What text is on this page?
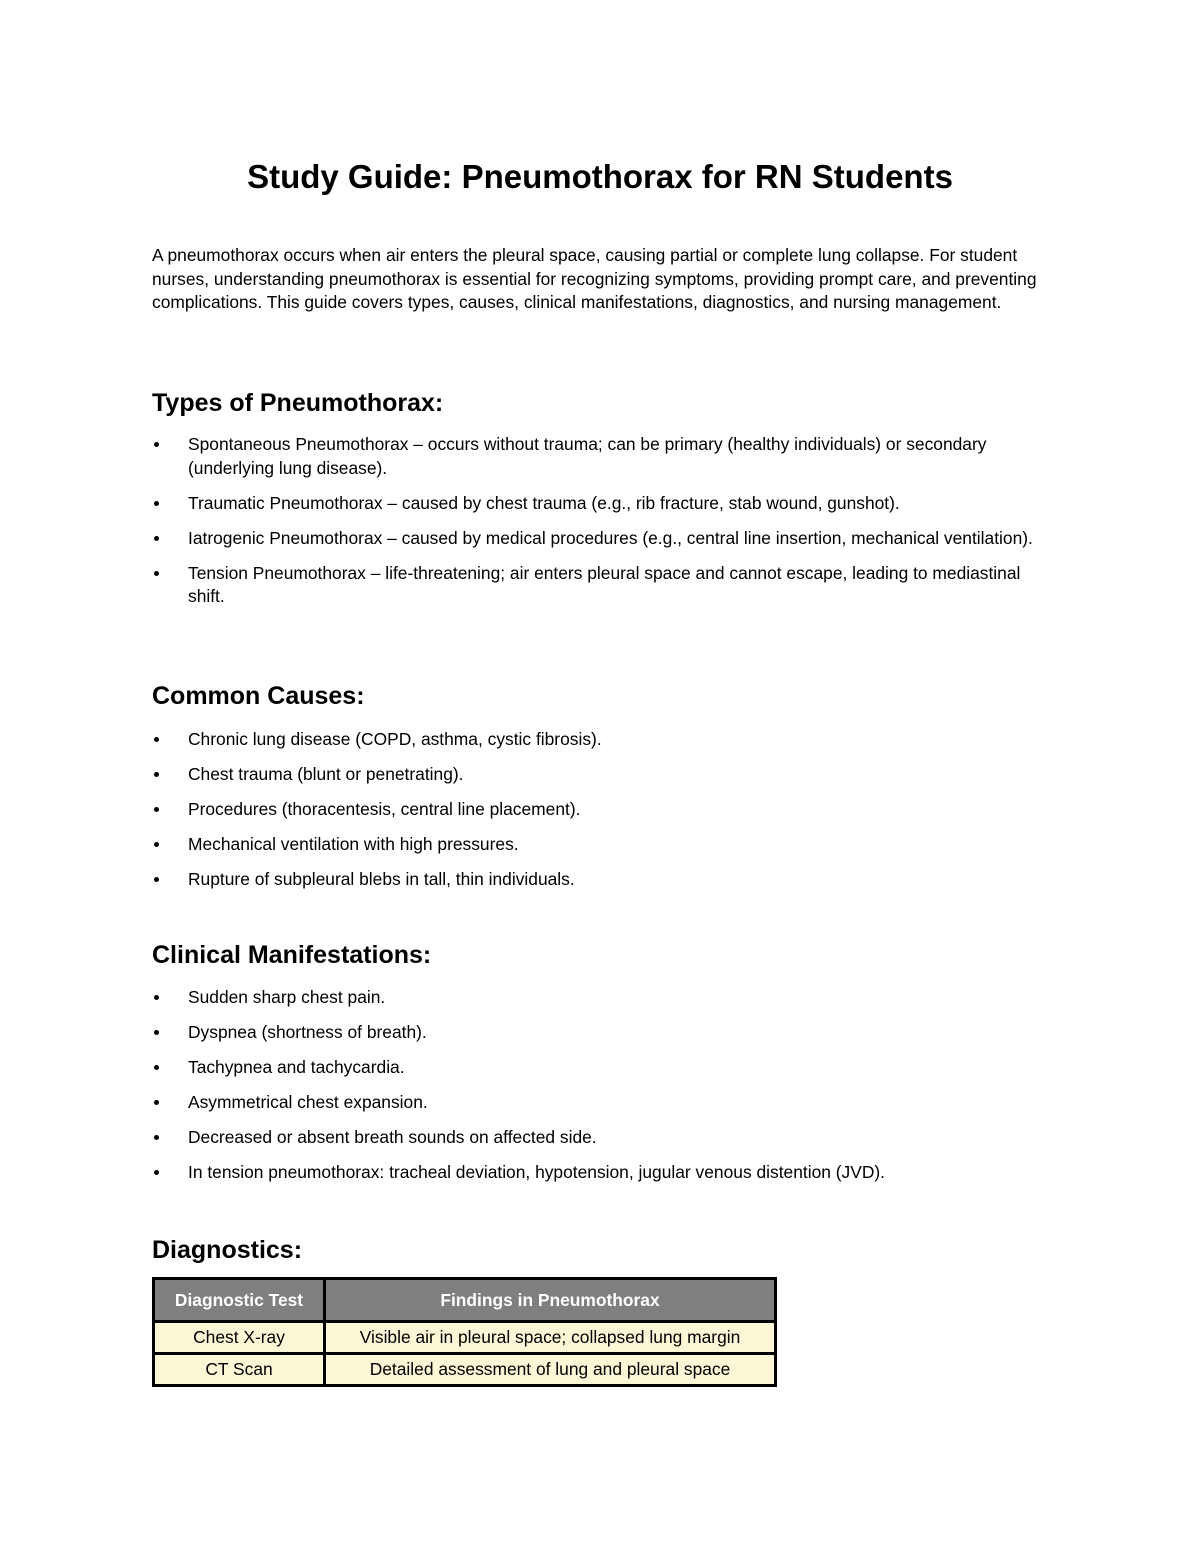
Study Guide: Pneumothorax for RN Students

A pneumothorax occurs when air enters the pleural space, causing partial or complete lung collapse. For student nurses, understanding pneumothorax is essential for recognizing symptoms, providing prompt care, and preventing complications. This guide covers types, causes, clinical manifestations, diagnostics, and nursing management.

Types of Pneumothorax:
Spontaneous Pneumothorax – occurs without trauma; can be primary (healthy individuals) or secondary (underlying lung disease).
Traumatic Pneumothorax – caused by chest trauma (e.g., rib fracture, stab wound, gunshot).
Iatrogenic Pneumothorax – caused by medical procedures (e.g., central line insertion, mechanical ventilation).
Tension Pneumothorax – life-threatening; air enters pleural space and cannot escape, leading to mediastinal shift.
Common Causes:
Chronic lung disease (COPD, asthma, cystic fibrosis).
Chest trauma (blunt or penetrating).
Procedures (thoracentesis, central line placement).
Mechanical ventilation with high pressures.
Rupture of subpleural blebs in tall, thin individuals.
Clinical Manifestations:
Sudden sharp chest pain.
Dyspnea (shortness of breath).
Tachypnea and tachycardia.
Asymmetrical chest expansion.
Decreased or absent breath sounds on affected side.
In tension pneumothorax: tracheal deviation, hypotension, jugular venous distention (JVD).
Diagnostics:
Diagnostic Test	Findings in Pneumothorax
Chest X-ray	Visible air in pleural space; collapsed lung margin
CT Scan	Detailed assessment of lung and pleural space
